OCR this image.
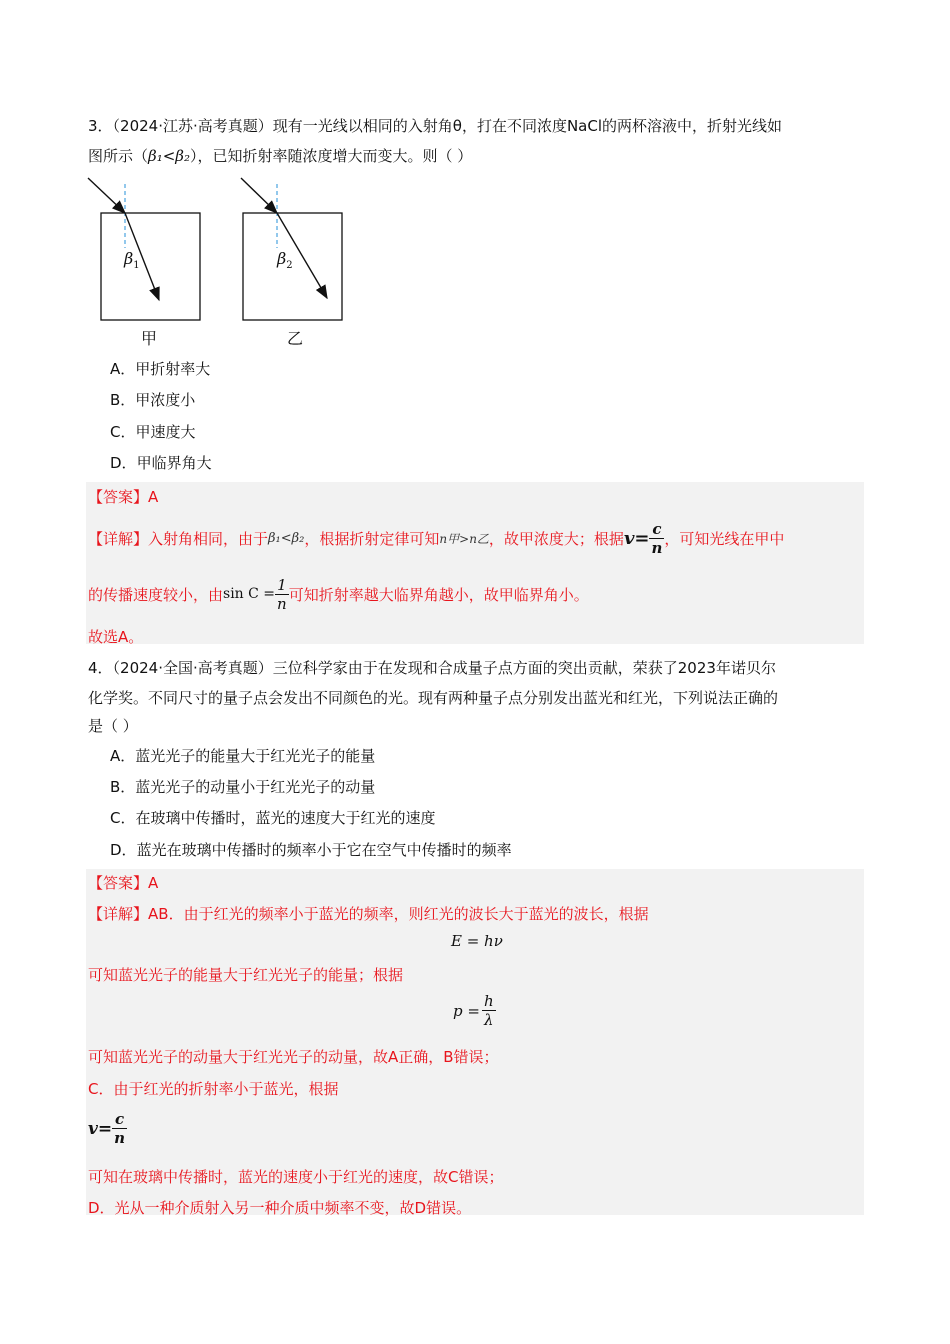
3．（2024·江苏·高考真题）现有一光线以相同的入射角θ，打在不同浓度NaCl的两杯溶液中，折射光线如
图所示（β₁<β₂），已知折射率随浓度增大而变大。则（ ）
$\beta_1$	$\beta_2$
甲	乙
A．甲折射率大
B．甲浓度小
C．甲速度大
D．甲临界角大
【答案】A
【详解】 入射角相同，由于 β₁<β₂ ，根据折射定律可知 n甲>n乙 ，故甲浓度大；根据 $v= \frac{c}{n}$ ，可知光线在甲中
的传播速度较小，由 $\sin C = \frac{1}{n}$ 可知折射率越大临界角越小，故甲临界角小。
故选A。
4．（2024·全国·高考真题）三位科学家由于在发现和合成量子点方面的突出贡献，荣获了2023年诺贝尔
化学奖。不同尺寸的量子点会发出不同颜色的光。现有两种量子点分别发出蓝光和红光，下列说法正确的
是（ ）
A．蓝光光子的能量大于红光光子的能量
B．蓝光光子的动量小于红光光子的动量
C．在玻璃中传播时，蓝光的速度大于红光的速度
D．蓝光在玻璃中传播时的频率小于它在空气中传播时的频率
【答案】A
【详解】AB．由于红光的频率小于蓝光的频率，则红光的波长大于蓝光的波长，根据
E = hν
可知蓝光光子的能量大于红光光子的能量；根据
$p = \frac{h}{\lambda}$
可知蓝光光子的动量大于红光光子的动量，故A正确，B错误；
C．由于红光的折射率小于蓝光，根据
$v= \frac{c}{n}$
可知在玻璃中传播时，蓝光的速度小于红光的速度，故C错误；
D．光从一种介质射入另一种介质中频率不变，故D错误。
